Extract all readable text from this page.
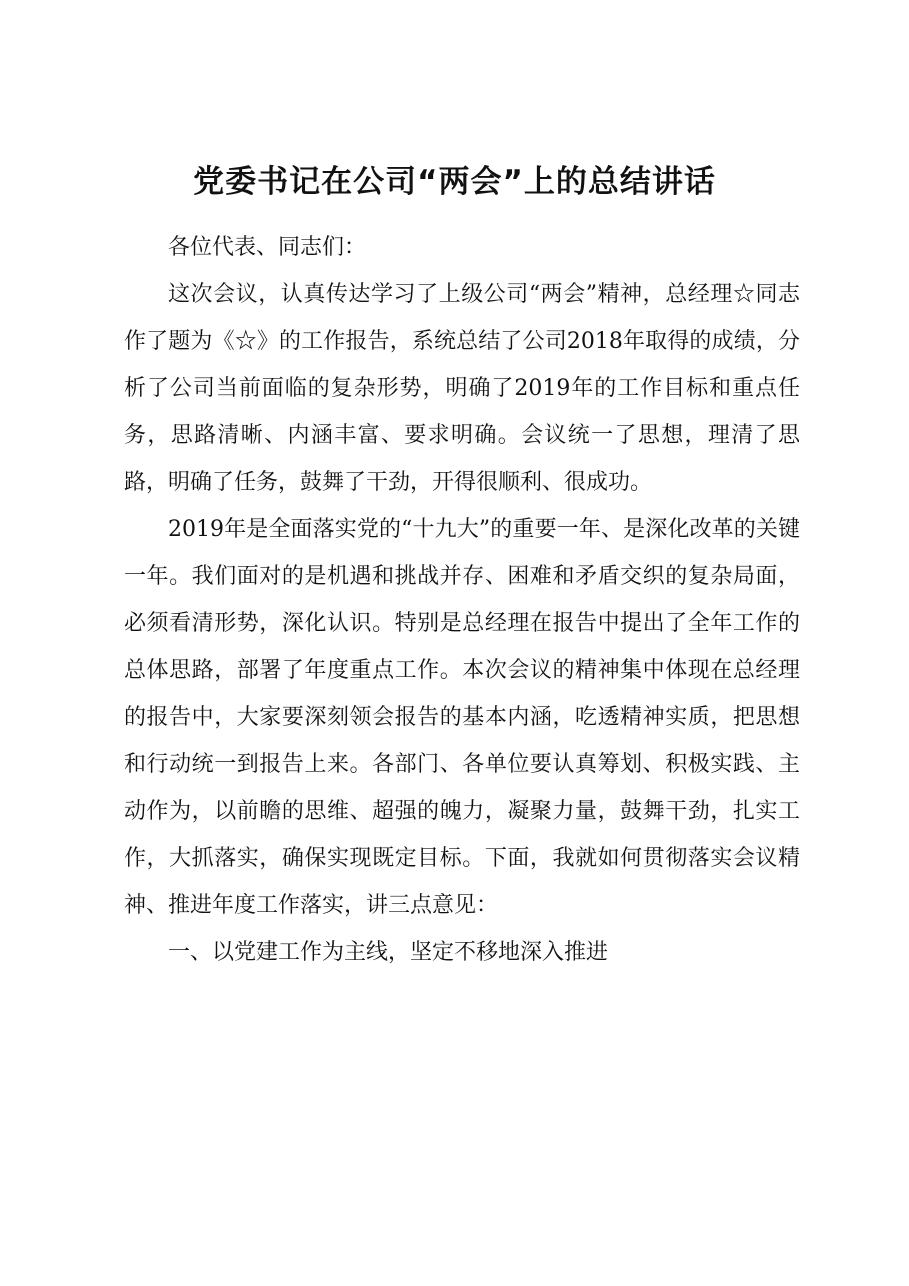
党委书记在公司“两会”上的总结讲话

各位代表、同志们：

这次会议，认真传达学习了上级公司“两会”精神，总经理☆同志作了题为《☆》的工作报告，系统总结了公司2018年取得的成绩，分析了公司当前面临的复杂形势，明确了2019年的工作目标和重点任务，思路清晰、内涵丰富、要求明确。会议统一了思想，理清了思路，明确了任务，鼓舞了干劲，开得很顺利、很成功。

2019年是全面落实党的“十九大”的重要一年、是深化改革的关键一年。我们面对的是机遇和挑战并存、困难和矛盾交织的复杂局面，必须看清形势，深化认识。特别是总经理在报告中提出了全年工作的总体思路，部署了年度重点工作。本次会议的精神集中体现在总经理的报告中，大家要深刻领会报告的基本内涵，吃透精神实质，把思想和行动统一到报告上来。各部门、各单位要认真筹划、积极实践、主动作为，以前瞻的思维、超强的魄力，凝聚力量，鼓舞干劲，扎实工作，大抓落实，确保实现既定目标。下面，我就如何贯彻落实会议精神、推进年度工作落实，讲三点意见：

一、以党建工作为主线，坚定不移地深入推进
